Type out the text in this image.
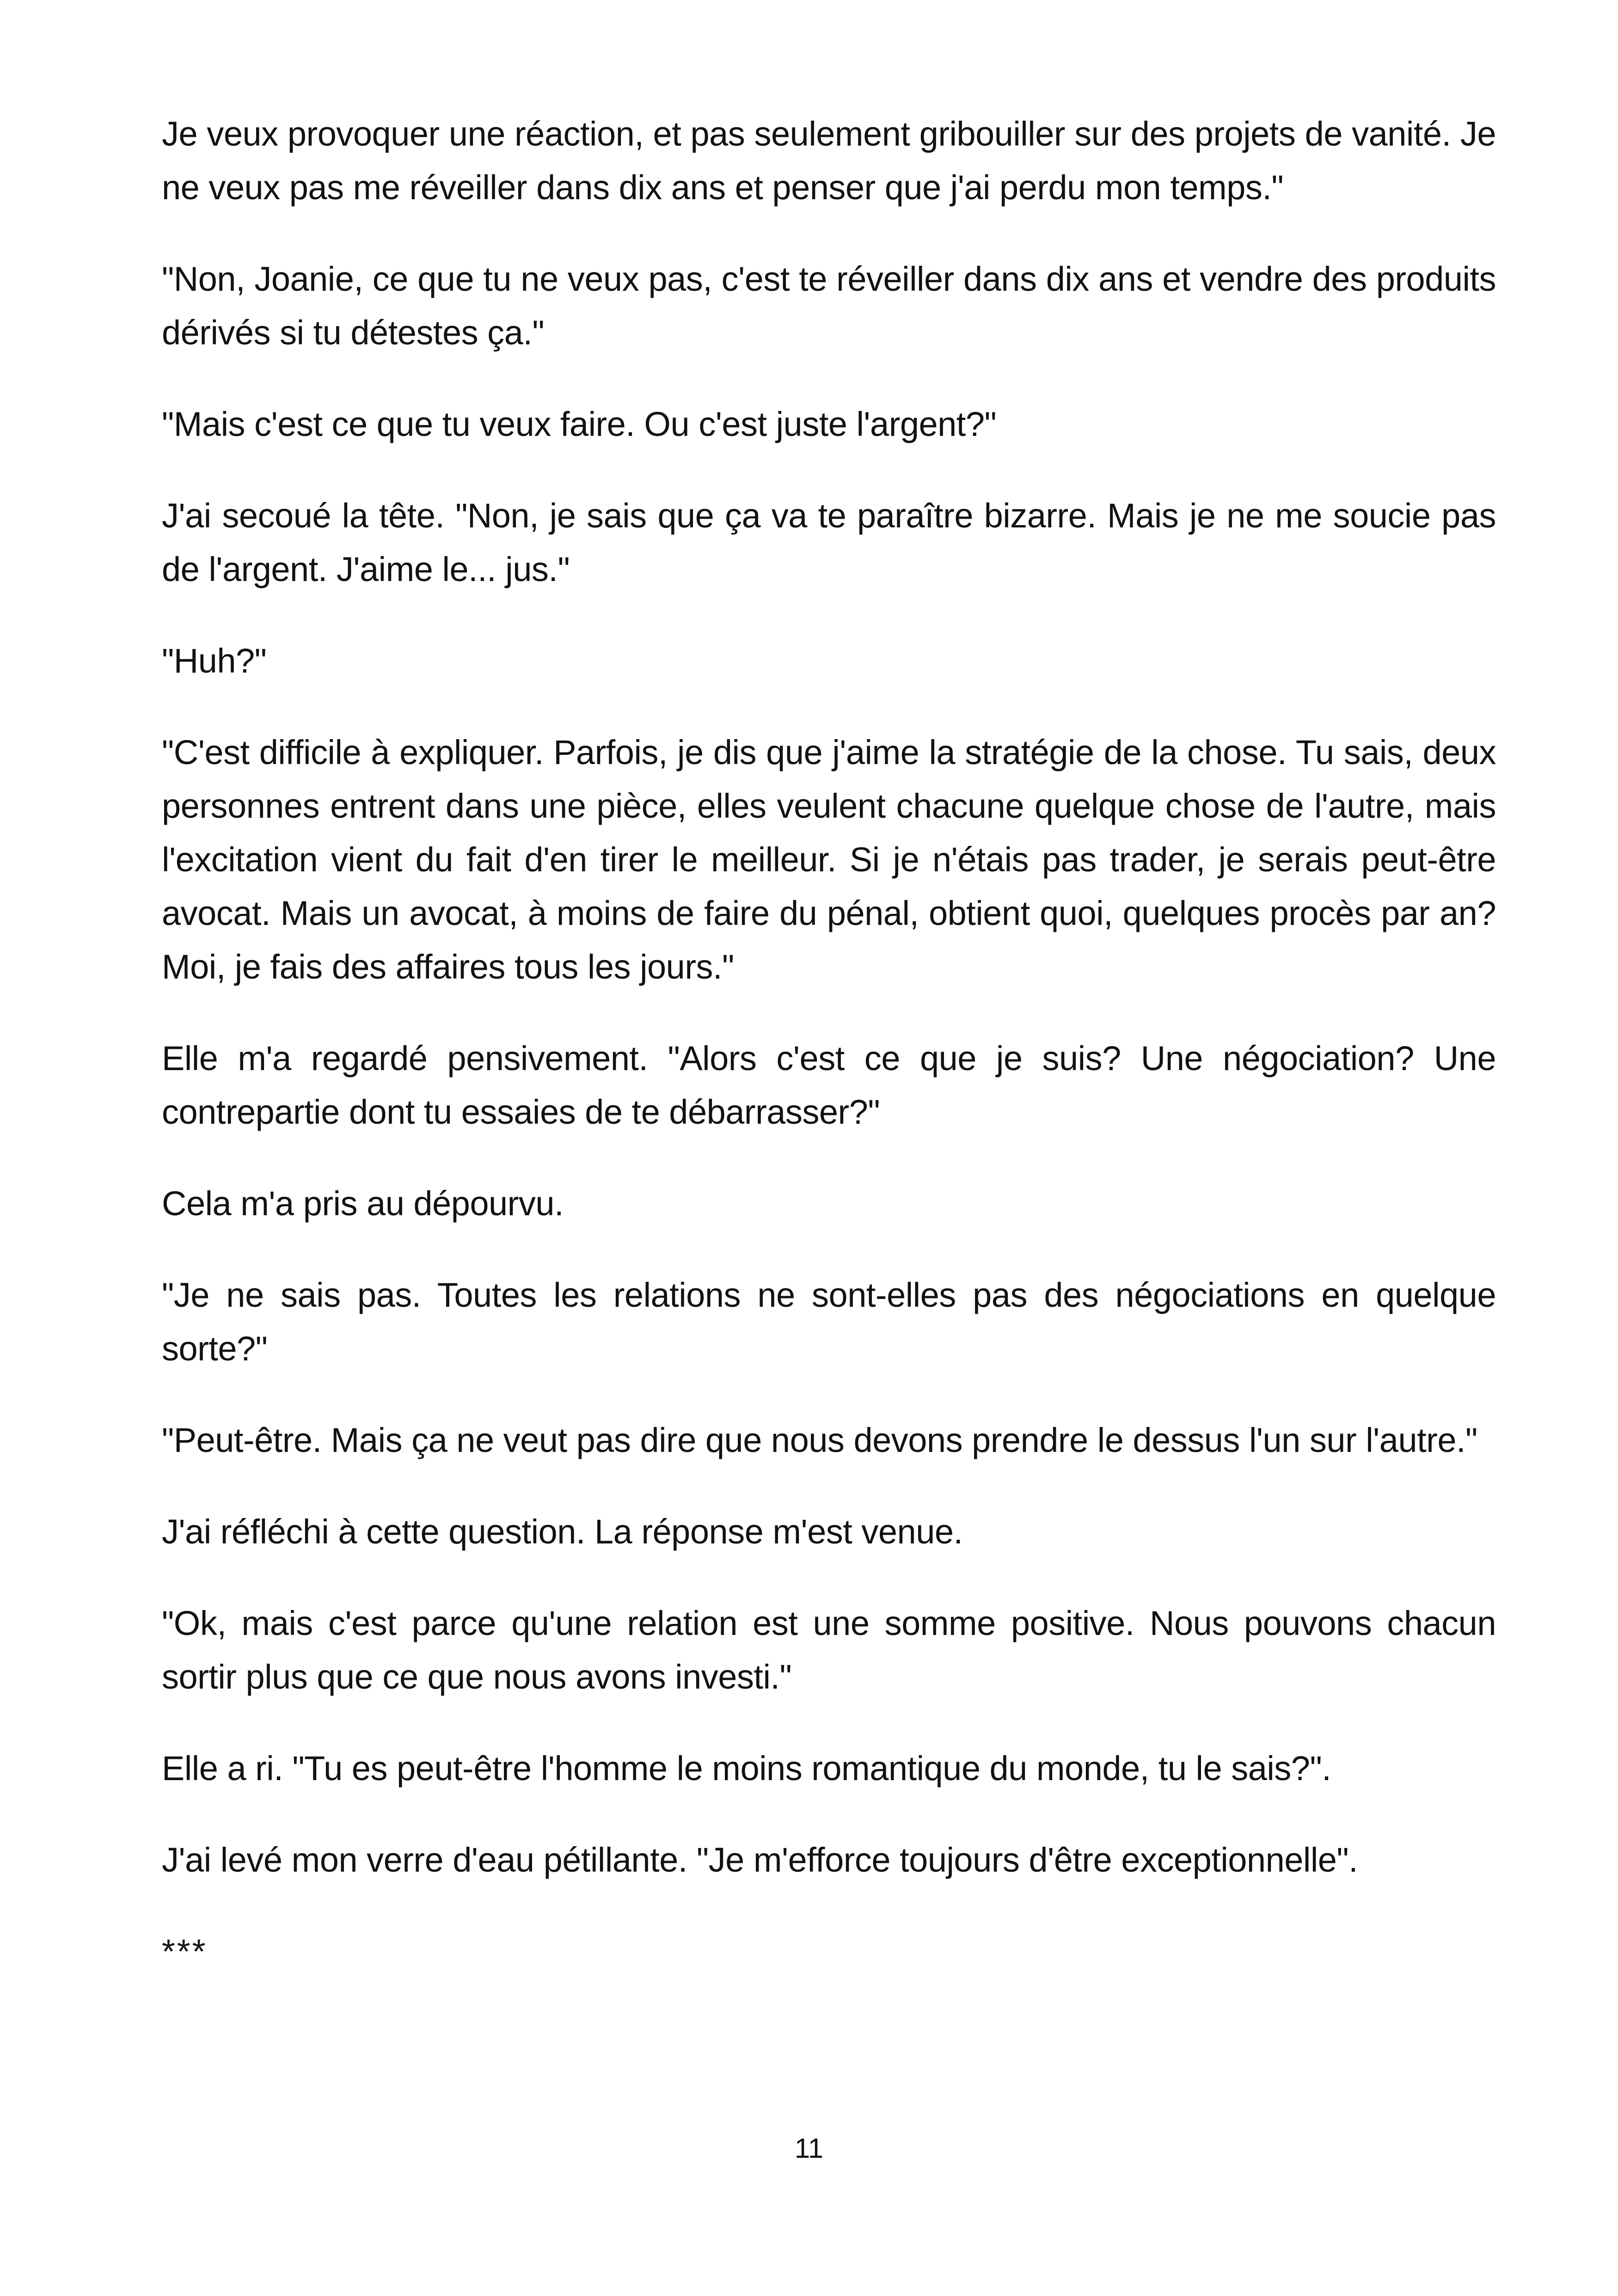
Je veux provoquer une réaction, et pas seulement gribouiller sur des projets de vanité. Je ne veux pas me réveiller dans dix ans et penser que j'ai perdu mon temps."

"Non, Joanie, ce que tu ne veux pas, c'est te réveiller dans dix ans et vendre des produits dérivés si tu détestes ça."

"Mais c'est ce que tu veux faire. Ou c'est juste l'argent?"

J'ai secoué la tête. "Non, je sais que ça va te paraître bizarre. Mais je ne me soucie pas de l'argent. J'aime le... jus."

"Huh?"

"C'est difficile à expliquer. Parfois, je dis que j'aime la stratégie de la chose. Tu sais, deux personnes entrent dans une pièce, elles veulent chacune quelque chose de l'autre, mais l'excitation vient du fait d'en tirer le meilleur. Si je n'étais pas trader, je serais peut-être avocat. Mais un avocat, à moins de faire du pénal, obtient quoi, quelques procès par an? Moi, je fais des affaires tous les jours."

Elle m'a regardé pensivement. "Alors c'est ce que je suis? Une négociation? Une contrepartie dont tu essaies de te débarrasser?"

Cela m'a pris au dépourvu.

"Je ne sais pas. Toutes les relations ne sont-elles pas des négociations en quelque sorte?"

"Peut-être. Mais ça ne veut pas dire que nous devons prendre le dessus l'un sur l'autre."

J'ai réfléchi à cette question. La réponse m'est venue.

"Ok, mais c'est parce qu'une relation est une somme positive. Nous pouvons chacun sortir plus que ce que nous avons investi."

Elle a ri. "Tu es peut-être l'homme le moins romantique du monde, tu le sais?".

J'ai levé mon verre d'eau pétillante. "Je m'efforce toujours d'être exceptionnelle".

***

11
